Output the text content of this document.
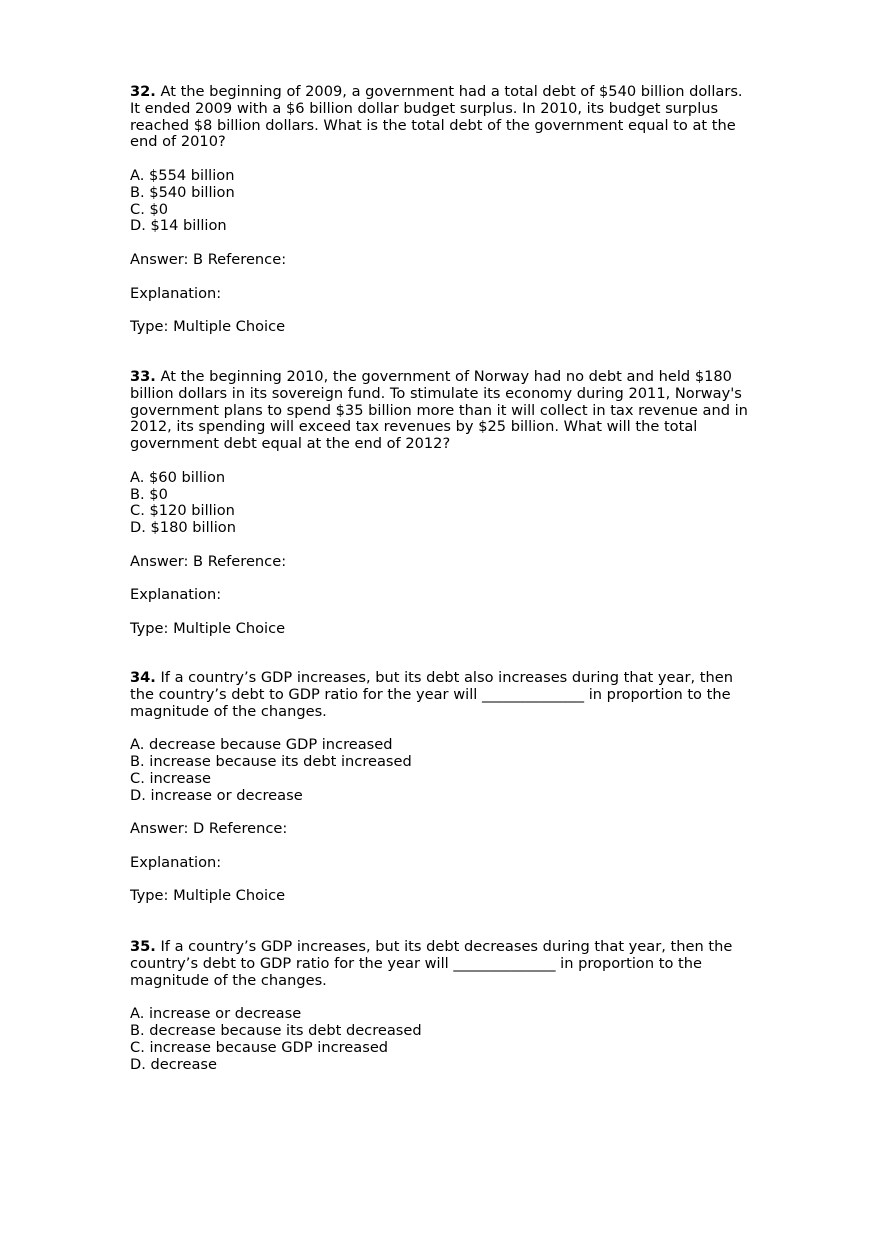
32. At the beginning of 2009, a government had a total debt of $540 billion dollars. It ended 2009 with a $6 billion dollar budget surplus. In 2010, its budget surplus reached $8 billion dollars. What is the total debt of the government equal to at the end of 2010?

A. $554 billion
B. $540 billion
C. $0
D. $14 billion
Answer: B Reference:
Explanation:
Type: Multiple Choice

33. At the beginning 2010, the government of Norway had no debt and held $180 billion dollars in its sovereign fund. To stimulate its economy during 2011, Norway's government plans to spend $35 billion more than it will collect in tax revenue and in 2012, its spending will exceed tax revenues by $25 billion. What will the total government debt equal at the end of 2012?

A. $60 billion
B. $0
C. $120 billion
D. $180 billion
Answer: B Reference:
Explanation:
Type: Multiple Choice

34. If a country’s GDP increases, but its debt also increases during that year, then the country’s debt to GDP ratio for the year will ______________ in proportion to the magnitude of the changes.

A. decrease because GDP increased
B. increase because its debt increased
C. increase
D. increase or decrease
Answer: D Reference:
Explanation:
Type: Multiple Choice

35. If a country’s GDP increases, but its debt decreases during that year, then the country’s debt to GDP ratio for the year will ______________ in proportion to the magnitude of the changes.

A. increase or decrease
B. decrease because its debt decreased
C. increase because GDP increased
D. decrease
